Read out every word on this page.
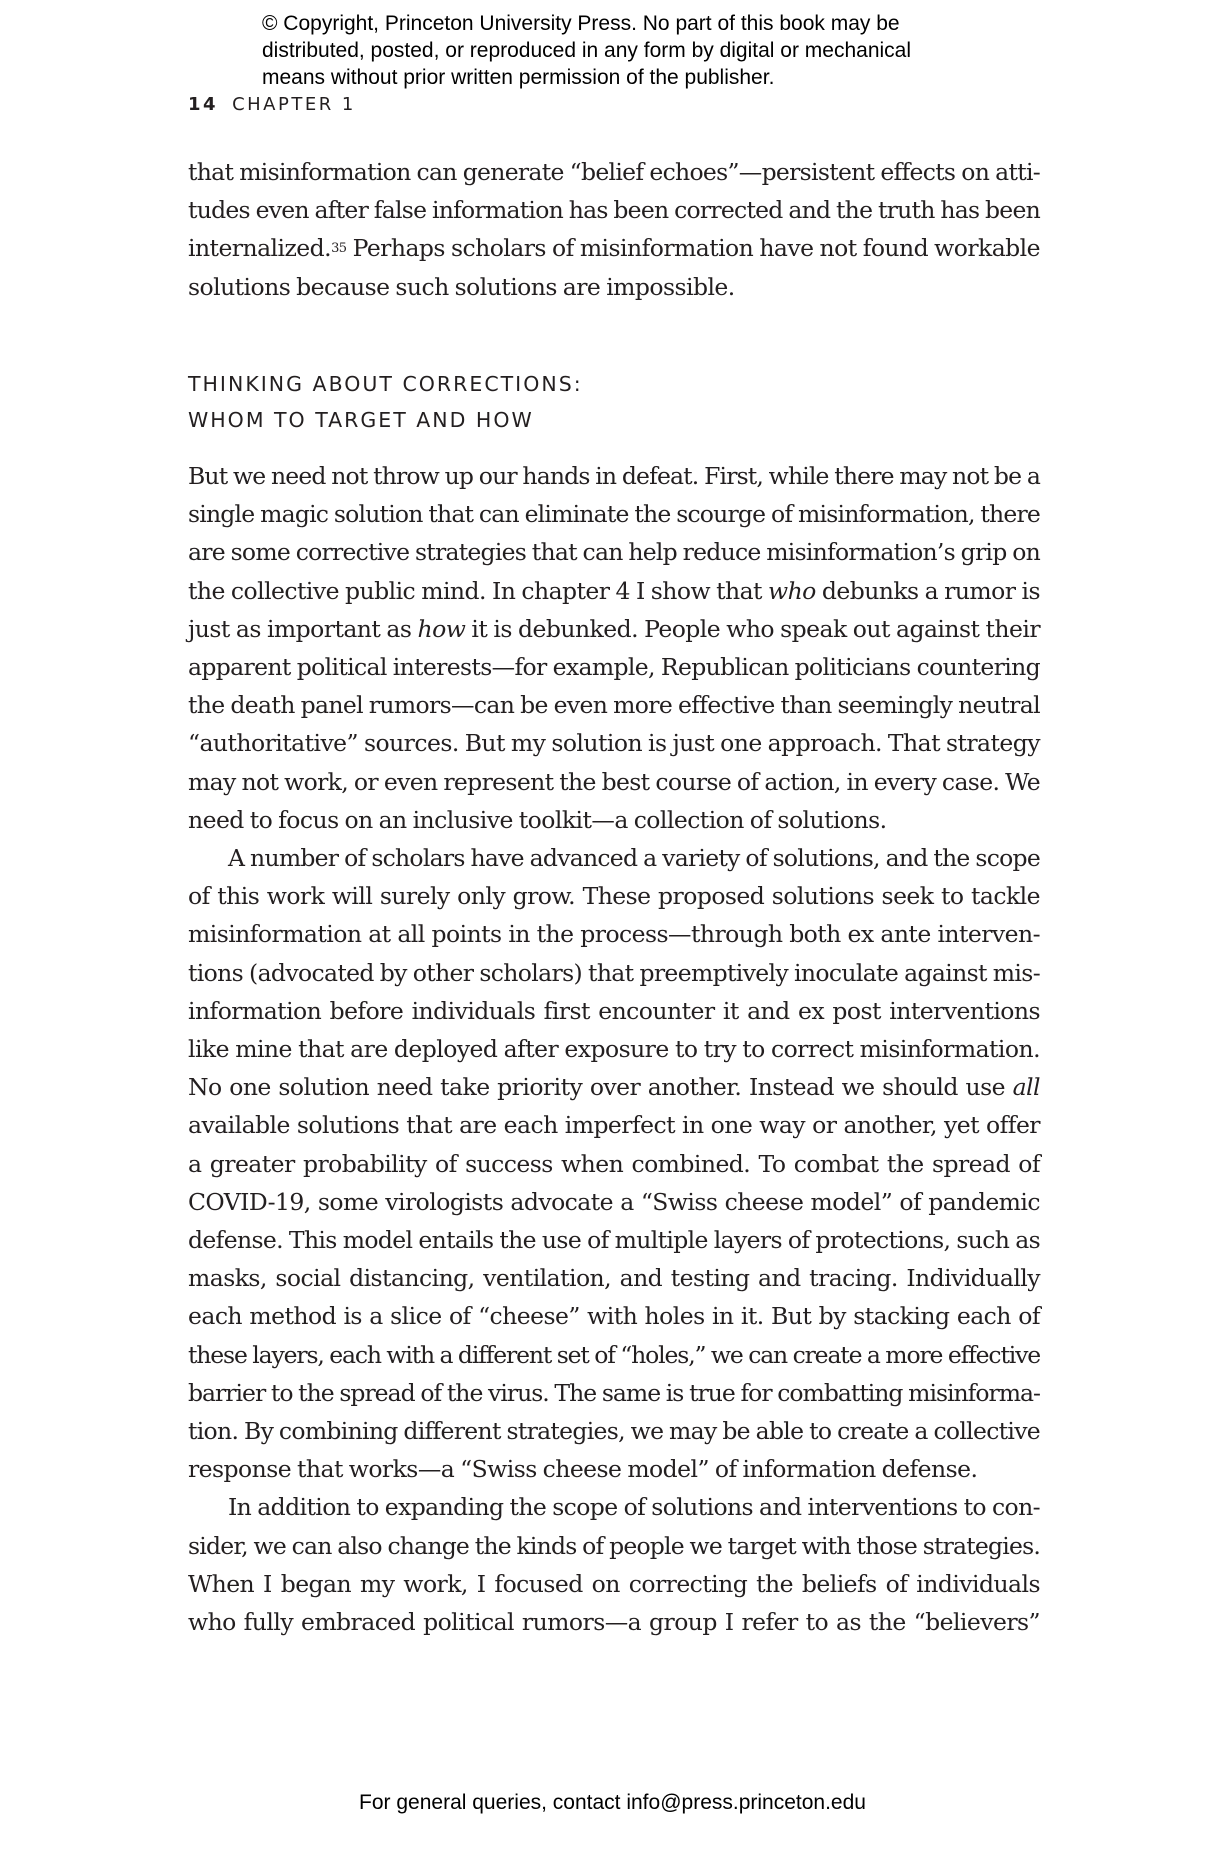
© Copyright, Princeton University Press. No part of this book may be
distributed, posted, or reproduced in any form by digital or mechanical
means without prior written permission of the publisher.
14 CHAPTER 1
that misinformation can generate “belief echoes”—persistent effects on atti-
tudes even after false information has been corrected and the truth has been
internalized.$^{35}$ Perhaps scholars of misinformation have not found workable
solutions because such solutions are impossible.
THINKING ABOUT CORRECTIONS:
WHOM TO TARGET AND HOW
But we need not throw up our hands in defeat. First, while there may not be a
single magic solution that can eliminate the scourge of misinformation, there
are some corrective strategies that can help reduce misinformation’s grip on
the collective public mind. In chapter 4 I show that who debunks a rumor is
just as important as how it is debunked. People who speak out against their
apparent political interests—for example, Republican politicians countering
the death panel rumors—can be even more effective than seemingly neutral
“authoritative” sources. But my solution is just one approach. That strategy
may not work, or even represent the best course of action, in every case. We
need to focus on an inclusive toolkit—a collection of solutions.
A number of scholars have advanced a variety of solutions, and the scope
of this work will surely only grow. These proposed solutions seek to tackle
misinformation at all points in the process—through both ex ante interven-
tions (advocated by other scholars) that preemptively inoculate against mis-
information before individuals first encounter it and ex post interventions
like mine that are deployed after exposure to try to correct misinformation.
No one solution need take priority over another. Instead we should use all
available solutions that are each imperfect in one way or another, yet offer
a greater probability of success when combined. To combat the spread of
COVID-19, some virologists advocate a “Swiss cheese model” of pandemic
defense. This model entails the use of multiple layers of protections, such as
masks, social distancing, ventilation, and testing and tracing. Individually
each method is a slice of “cheese” with holes in it. But by stacking each of
these layers, each with a different set of “holes,” we can create a more effective
barrier to the spread of the virus. The same is true for combatting misinforma-
tion. By combining different strategies, we may be able to create a collective
response that works—a “Swiss cheese model” of information defense.
In addition to expanding the scope of solutions and interventions to con-
sider, we can also change the kinds of people we target with those strategies.
When I began my work, I focused on correcting the beliefs of individuals
who fully embraced political rumors—a group I refer to as the “believers”
For general queries, contact info@press.princeton.edu
